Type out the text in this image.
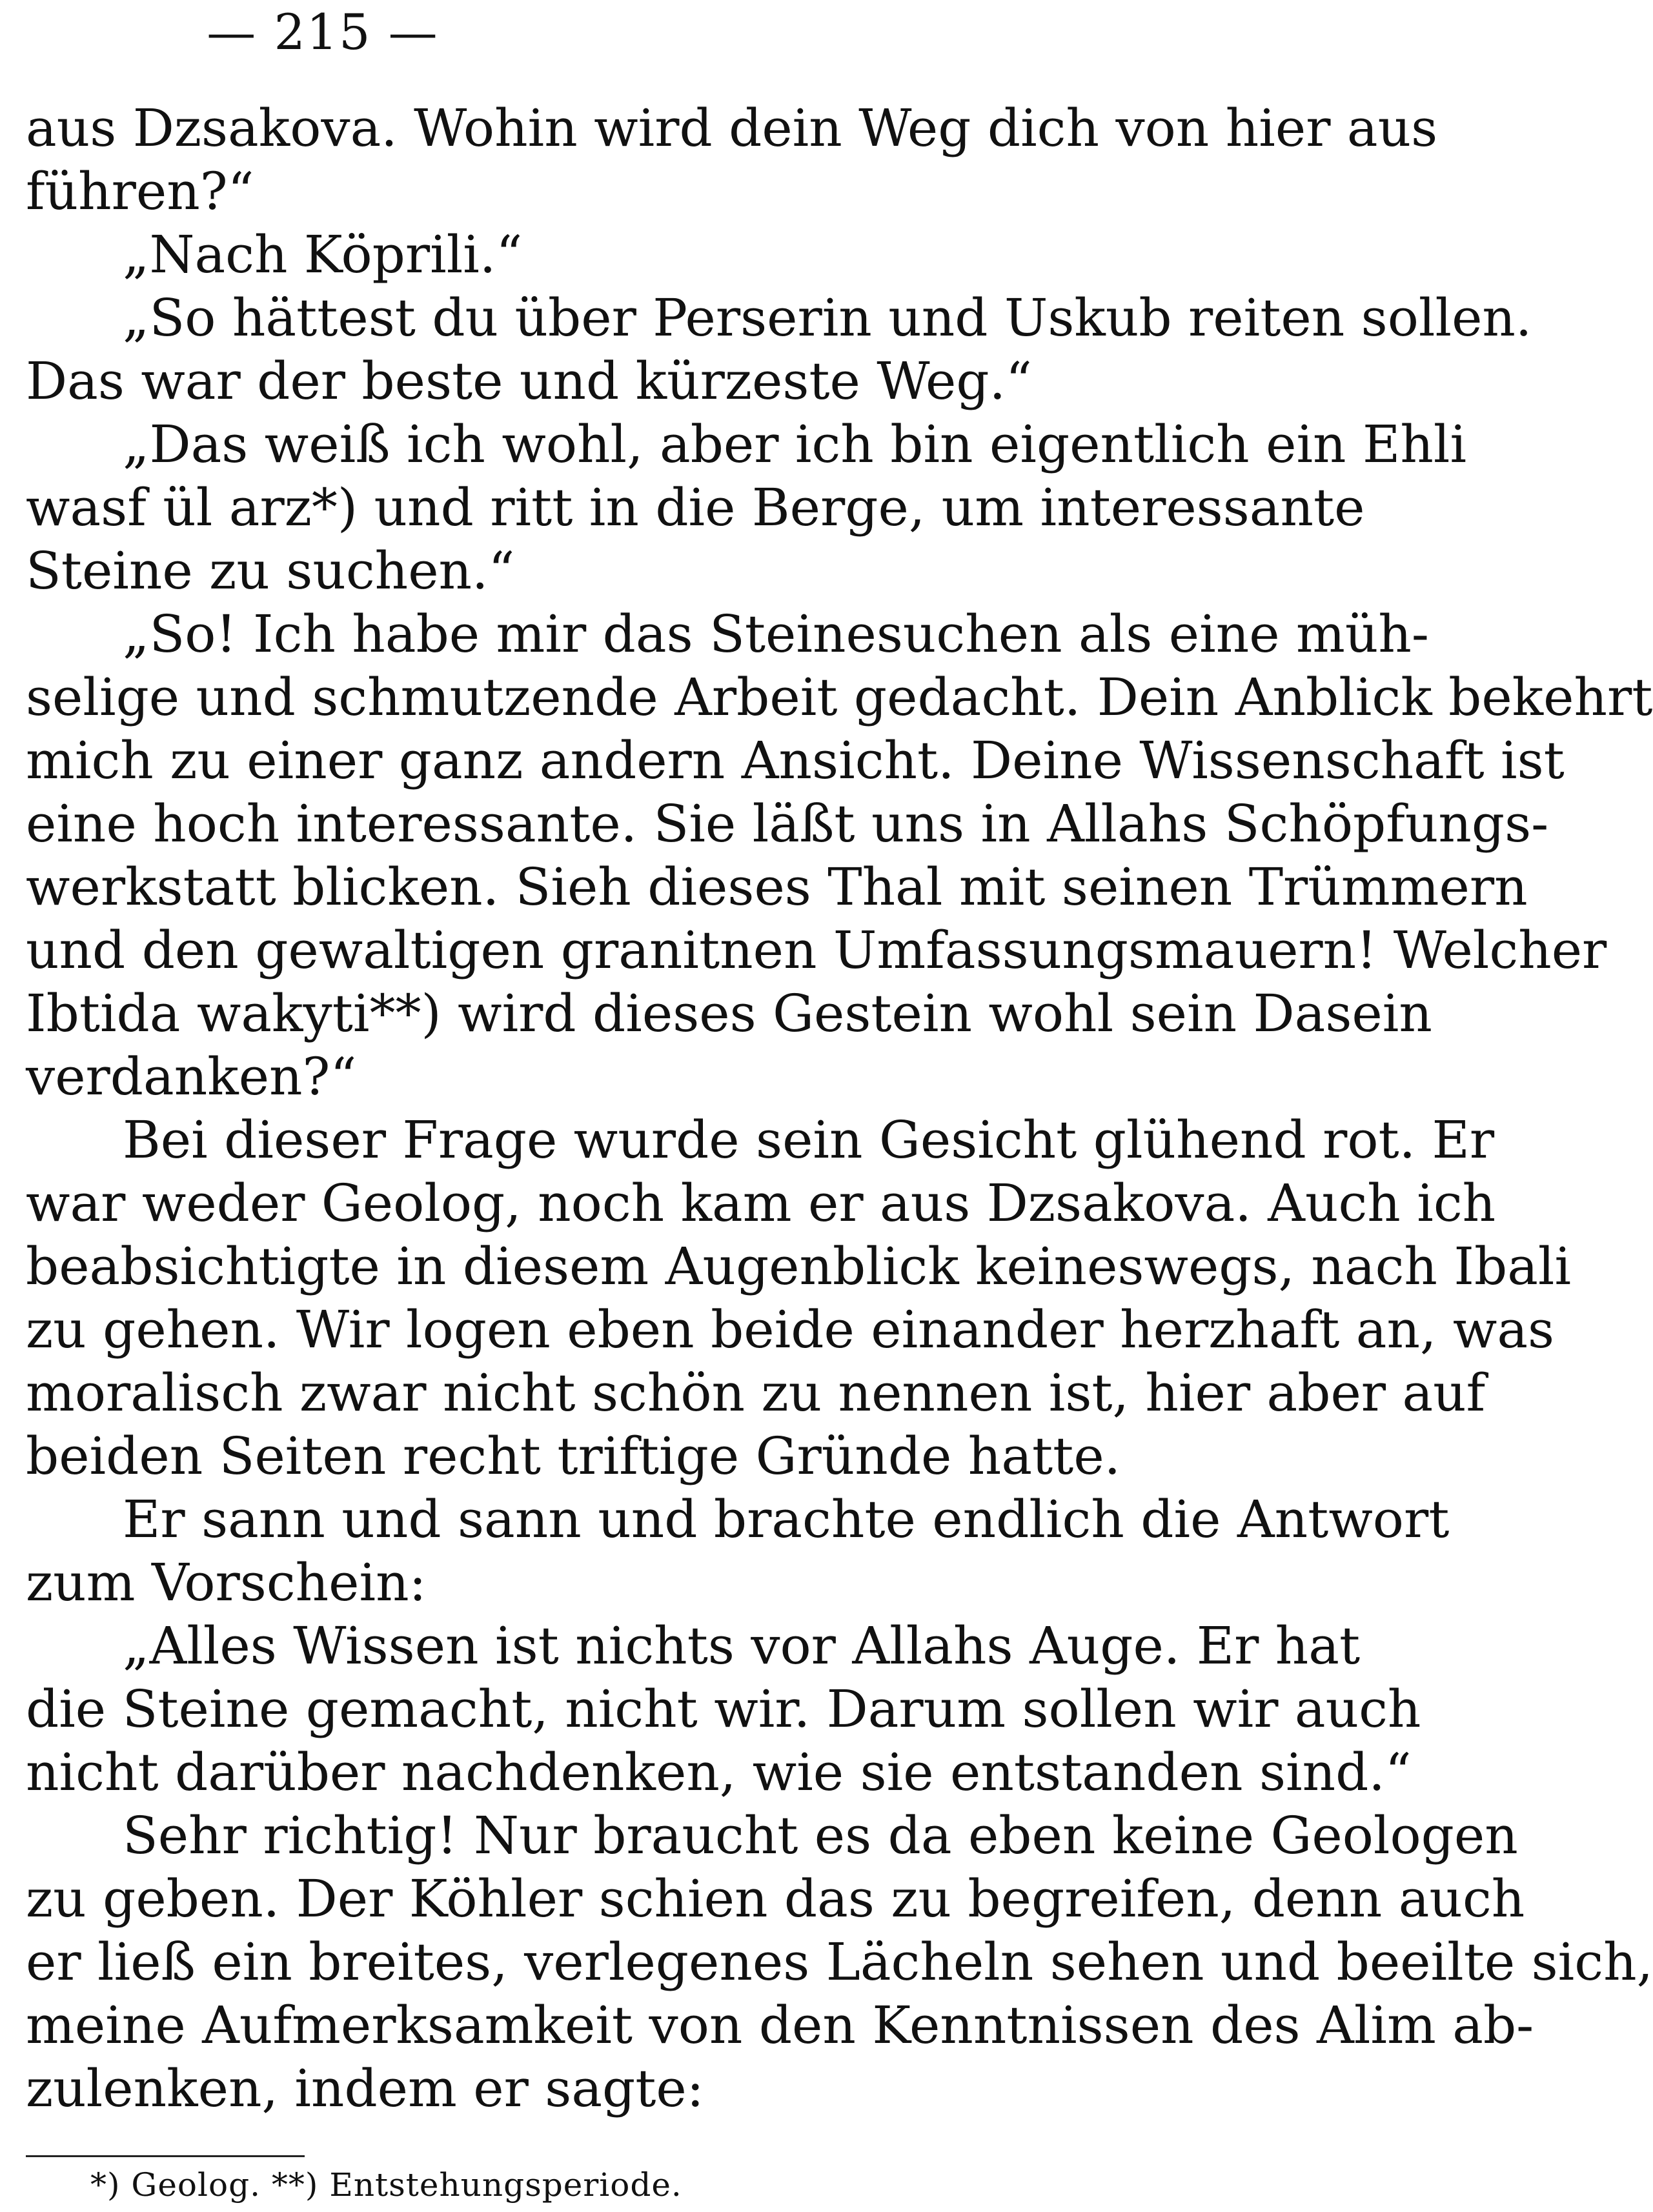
— 215 —
aus Dzsakova. Wohin wird dein Weg dich von hier aus
führen?“
„Nach Köprili.“
„So hättest du über Perserin und Uskub reiten sollen.
Das war der beste und kürzeste Weg.“
„Das weiß ich wohl, aber ich bin eigentlich ein Ehli
wasf ül arz*) und ritt in die Berge, um interessante
Steine zu suchen.“
„So! Ich habe mir das Steinesuchen als eine müh-
selige und schmutzende Arbeit gedacht. Dein Anblick bekehrt
mich zu einer ganz andern Ansicht. Deine Wissenschaft ist
eine hoch interessante. Sie läßt uns in Allahs Schöpfungs-
werkstatt blicken. Sieh dieses Thal mit seinen Trümmern
und den gewaltigen granitnen Umfassungsmauern! Welcher
Ibtida wakyti**) wird dieses Gestein wohl sein Dasein
verdanken?“
Bei dieser Frage wurde sein Gesicht glühend rot. Er
war weder Geolog, noch kam er aus Dzsakova. Auch ich
beabsichtigte in diesem Augenblick keineswegs, nach Ibali
zu gehen. Wir logen eben beide einander herzhaft an, was
moralisch zwar nicht schön zu nennen ist, hier aber auf
beiden Seiten recht triftige Gründe hatte.
Er sann und sann und brachte endlich die Antwort
zum Vorschein:
„Alles Wissen ist nichts vor Allahs Auge. Er hat
die Steine gemacht, nicht wir. Darum sollen wir auch
nicht darüber nachdenken, wie sie entstanden sind.“
Sehr richtig! Nur braucht es da eben keine Geologen
zu geben. Der Köhler schien das zu begreifen, denn auch
er ließ ein breites, verlegenes Lächeln sehen und beeilte sich,
meine Aufmerksamkeit von den Kenntnissen des Alim ab-
zulenken, indem er sagte:
*) Geolog. **) Entstehungsperiode.
